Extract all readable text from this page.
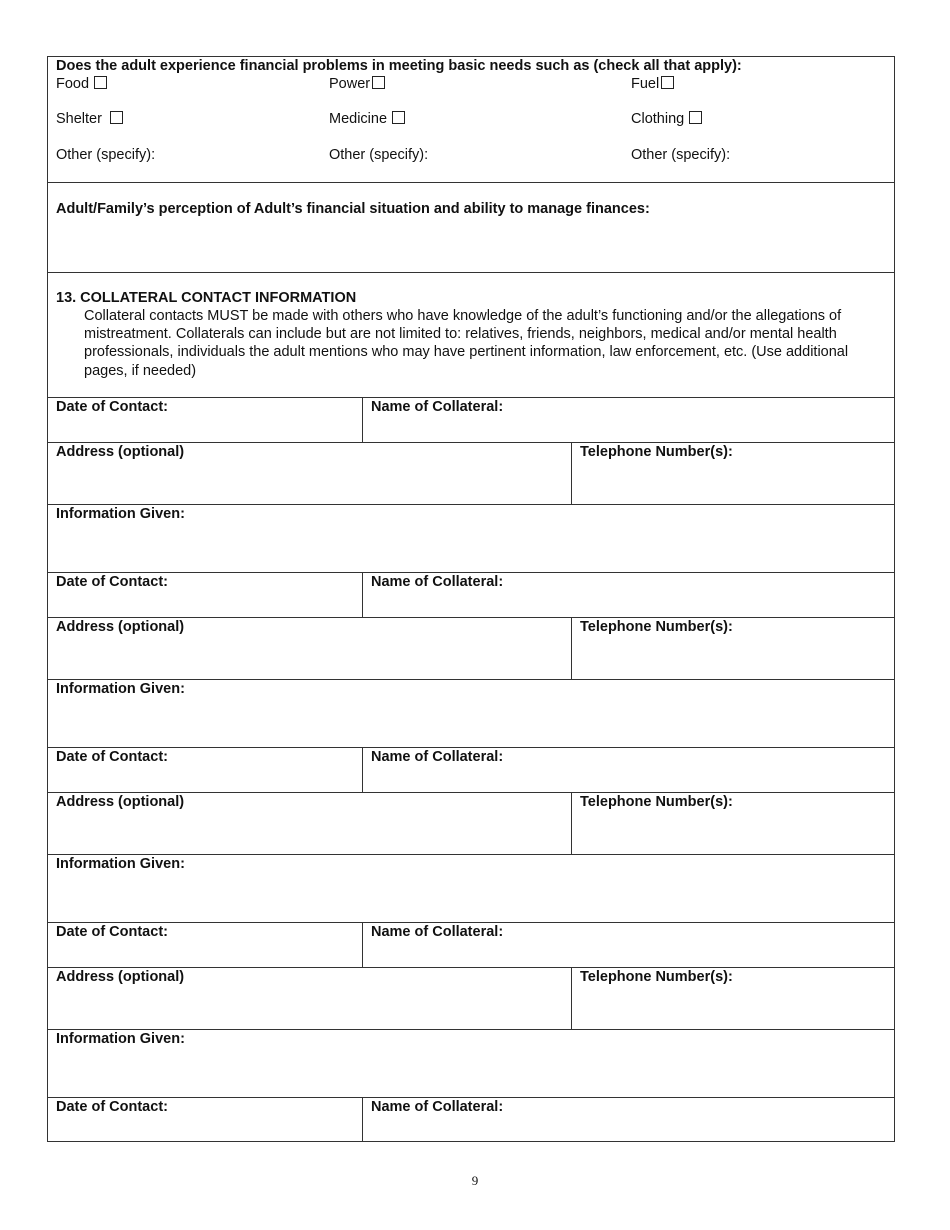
Does the adult experience financial problems in meeting basic needs such as (check all that apply):
Food	Power	Fuel
Shelter	Medicine	Clothing
Other (specify):	Other (specify):	Other (specify):
Adult/Family’s perception of Adult’s financial situation and ability to manage finances:
13. COLLATERAL CONTACT INFORMATION
Collateral contacts MUST be made with others who have knowledge of the adult’s functioning and/or the allegations of mistreatment. Collaterals can include but are not limited to: relatives, friends, neighbors, medical and/or mental health professionals, individuals the adult mentions who may have pertinent information, law enforcement, etc. (Use additional pages, if needed)
Date of Contact:	Name of Collateral:
Address (optional)	Telephone Number(s):
Information Given:
Date of Contact:	Name of Collateral:
Address (optional)	Telephone Number(s):
Information Given:
Date of Contact:	Name of Collateral:
Address (optional)	Telephone Number(s):
Information Given:
Date of Contact:	Name of Collateral:
Address (optional)	Telephone Number(s):
Information Given:
Date of Contact:	Name of Collateral:
9
